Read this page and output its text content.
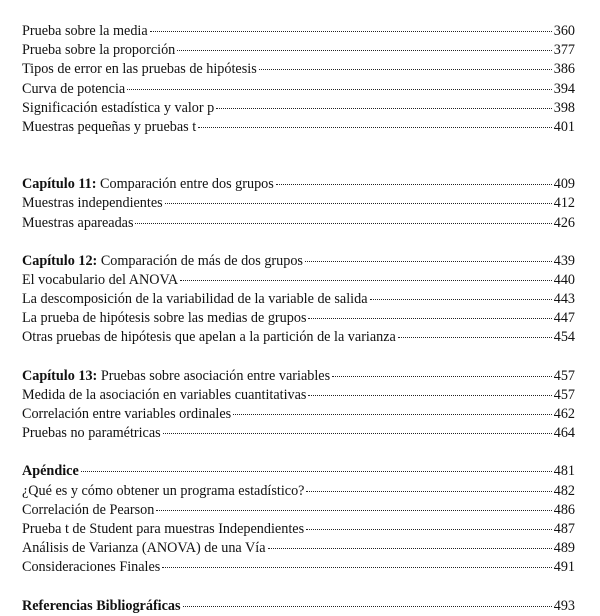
Prueba sobre la media	360
Prueba sobre la proporción	377
Tipos de error en las pruebas de hipótesis	386
Curva de potencia	394
Significación estadística y valor p	398
Muestras pequeñas y pruebas t	401
Capítulo 11: Comparación entre dos grupos	409
Muestras independientes	412
Muestras apareadas	426
Capítulo 12: Comparación de más de dos grupos	439
El vocabulario del ANOVA	440
La descomposición de la variabilidad de la variable de salida	443
La prueba de hipótesis sobre las medias de grupos	447
Otras pruebas de hipótesis que apelan a la partición de la varianza	454
Capítulo 13: Pruebas sobre asociación entre variables	457
Medida de la asociación en variables cuantitativas	457
Correlación entre variables ordinales	462
Pruebas no paramétricas	464
Apéndice	481
¿Qué es y cómo obtener un programa estadístico?	482
Correlación de Pearson	486
Prueba t de Student para muestras Independientes	487
Análisis de Varianza (ANOVA) de una Vía	489
Consideraciones Finales	491
Referencias Bibliográficas	493
